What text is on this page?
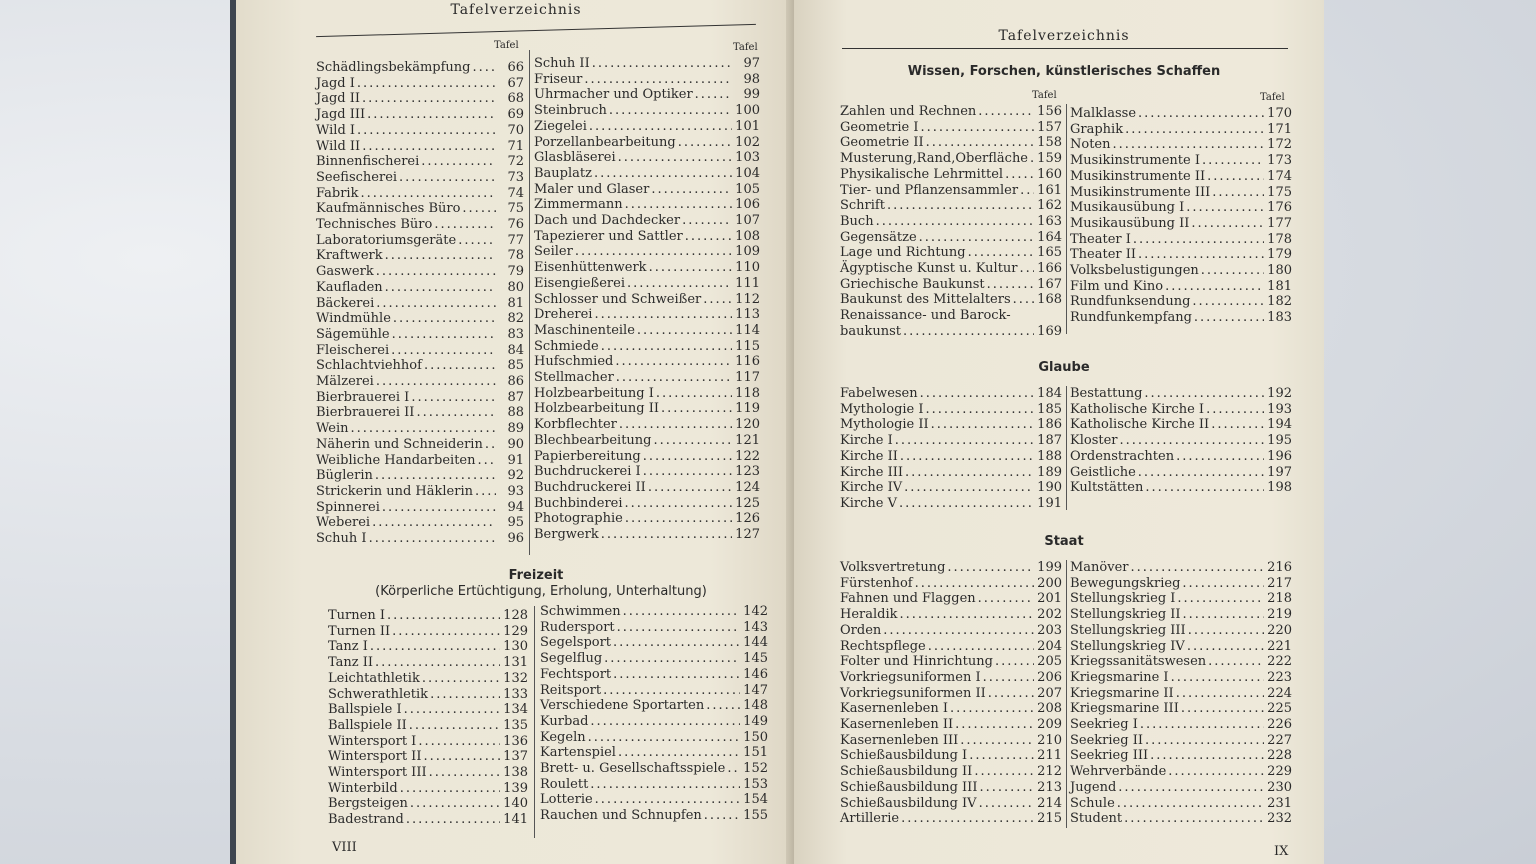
Tafelverzeichnis
Tafel	Tafel
Schädlingsbekämpfung .....	66
Jagd I .....	67
Jagd II .....	68
Jagd III .....	69
Wild I .....	70
Wild II .....	71
Binnenfischerei .....	72
Seefischerei .....	73
Fabrik .....	74
Kaufmännisches Büro .....	75
Technisches Büro .....	76
Laboratoriumsgeräte .....	77
Kraftwerk .....	78
Gaswerk .....	79
Kaufladen .....	80
Bäckerei .....	81
Windmühle .....	82
Sägemühle .....	83
Fleischerei .....	84
Schlachtviehhof .....	85
Mälzerei .....	86
Bierbrauerei I .....	87
Bierbrauerei II .....	88
Wein .....	89
Näherin und Schneiderin .....	90
Weibliche Handarbeiten .....	91
Büglerin .....	92
Strickerin und Häklerin .....	93
Spinnerei .....	94
Weberei .....	95
Schuh I .....	96
Schuh II .....	97
Friseur .....	98
Uhrmacher und Optiker .....	99
Steinbruch .....	100
Ziegelei .....	101
Porzellanbearbeitung .....	102
Glasbläserei .....	103
Bauplatz .....	104
Maler und Glaser .....	105
Zimmermann .....	106
Dach und Dachdecker .....	107
Tapezierer und Sattler .....	108
Seiler .....	109
Eisenhüttenwerk .....	110
Eisengießerei .....	111
Schlosser und Schweißer .....	112
Dreherei .....	113
Maschinenteile .....	114
Schmiede .....	115
Hufschmied .....	116
Stellmacher .....	117
Holzbearbeitung I .....	118
Holzbearbeitung II .....	119
Korbflechter .....	120
Blechbearbeitung .....	121
Papierbereitung .....	122
Buchdruckerei I .....	123
Buchdruckerei II .....	124
Buchbinderei .....	125
Photographie .....	126
Bergwerk .....	127
Freizeit
(Körperliche Ertüchtigung, Erholung, Unterhaltung)
Turnen I .....	128
Turnen II .....	129
Tanz I .....	130
Tanz II .....	131
Leichtathletik .....	132
Schwerathletik .....	133
Ballspiele I .....	134
Ballspiele II .....	135
Wintersport I .....	136
Wintersport II .....	137
Wintersport III .....	138
Winterbild .....	139
Bergsteigen .....	140
Badestrand .....	141
Schwimmen .....	142
Rudersport .....	143
Segelsport .....	144
Segelflug .....	145
Fechtsport .....	146
Reitsport .....	147
Verschiedene Sportarten .....	148
Kurbad .....	149
Kegeln .....	150
Kartenspiel .....	151
Brett- u. Gesellschaftsspiele ..... 152
Roulett .....	153
Lotterie .....	154
Rauchen und Schnupfen .....	155
VIII
Tafelverzeichnis
Wissen, Forschen, künstlerisches Schaffen
Tafel	Tafel
Zahlen und Rechnen .....	156
Geometrie I .....	157
Geometrie II .....	158
Musterung,Rand,Oberfläche ..... 159
Physikalische Lehrmittel .....	160
Tier- und Pflanzensammler ..... 161
Schrift .....	162
Buch .....	163
Gegensätze .....	164
Lage und Richtung .....	165
Ägyptische Kunst u. Kultur ..... 166
Griechische Baukunst .....	167
Baukunst des Mittelalters ..... 168
Renaissance- und Barock-
baukunst .....	169
Malklasse .....	170
Graphik .....	171
Noten .....	172
Musikinstrumente I .....	173
Musikinstrumente II .....	174
Musikinstrumente III .....	175
Musikausübung I .....	176
Musikausübung II .....	177
Theater I .....	178
Theater II .....	179
Volksbelustigungen .....	180
Film und Kino .....	181
Rundfunksendung .....	182
Rundfunkempfang .....	183
Glaube
Fabelwesen .....	184
Mythologie I .....	185
Mythologie II .....	186
Kirche I .....	187
Kirche II .....	188
Kirche III .....	189
Kirche IV .....	190
Kirche V .....	191
Bestattung .....	192
Katholische Kirche I .....	193
Katholische Kirche II .....	194
Kloster .....	195
Ordenstrachten .....	196
Geistliche .....	197
Kultstätten .....	198
Staat
Volksvertretung .....	199
Fürstenhof .....	200
Fahnen und Flaggen .....	201
Heraldik .....	202
Orden .....	203
Rechtspflege .....	204
Folter und Hinrichtung .....	205
Vorkriegsuniformen I .....	206
Vorkriegsuniformen II .....	207
Kasernenleben I .....	208
Kasernenleben II .....	209
Kasernenleben III .....	210
Schießausbildung I .....	211
Schießausbildung II .....	212
Schießausbildung III .....	213
Schießausbildung IV .....	214
Artillerie .....	215
Manöver .....	216
Bewegungskrieg .....	217
Stellungskrieg I .....	218
Stellungskrieg II .....	219
Stellungskrieg III .....	220
Stellungskrieg IV .....	221
Kriegssanitätswesen .....	222
Kriegsmarine I .....	223
Kriegsmarine II .....	224
Kriegsmarine III .....	225
Seekrieg I .....	226
Seekrieg II .....	227
Seekrieg III .....	228
Wehrverbände .....	229
Jugend .....	230
Schule .....	231
Student .....	232
IX
